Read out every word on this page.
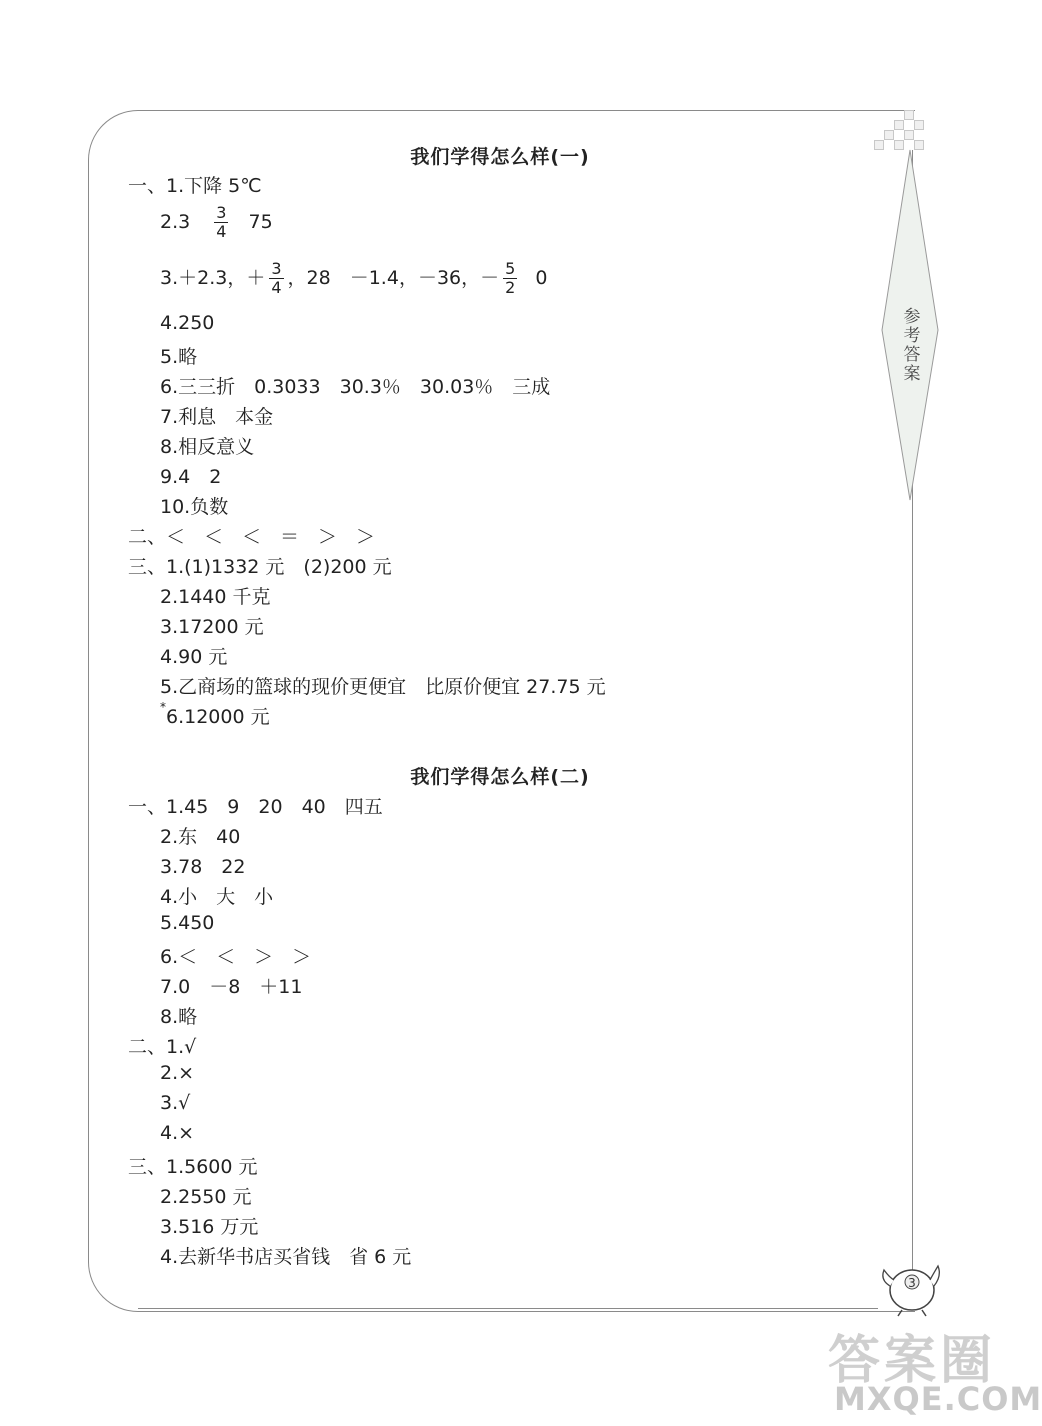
参考答案
3
答案圈
MXQE.COM
我们学得怎么样(一)
一、1.下降 5℃
$2.3 \frac{3}{4} 75$
3.＋2.3，＋ $\frac{3}{4}$ ，28　－1.4，－36，－ $\frac{5}{2} 0$
4.250
5.略
6.三三折　0.3033　30.3％　30.03％　三成
7.利息　本金
8.相反意义
9.4　2
10.负数
二、＜　＜　＜　＝　＞　＞
三、1.(1)1332 元　(2)200 元
2.1440 千克
3.17200 元
4.90 元
5.乙商场的篮球的现价更便宜　比原价便宜 27.75 元
*6.12000 元
我们学得怎么样(二)
一、1.45　9　20　40　四五
2.东　40
3.78　22
4.小　大　小
5.450
6.＜　＜　＞　＞
7.0　－8　＋11
8.略
二、1.√
2.×
3.√
4.×
三、1.5600 元
2.2550 元
3.516 万元
4.去新华书店买省钱　省 6 元
